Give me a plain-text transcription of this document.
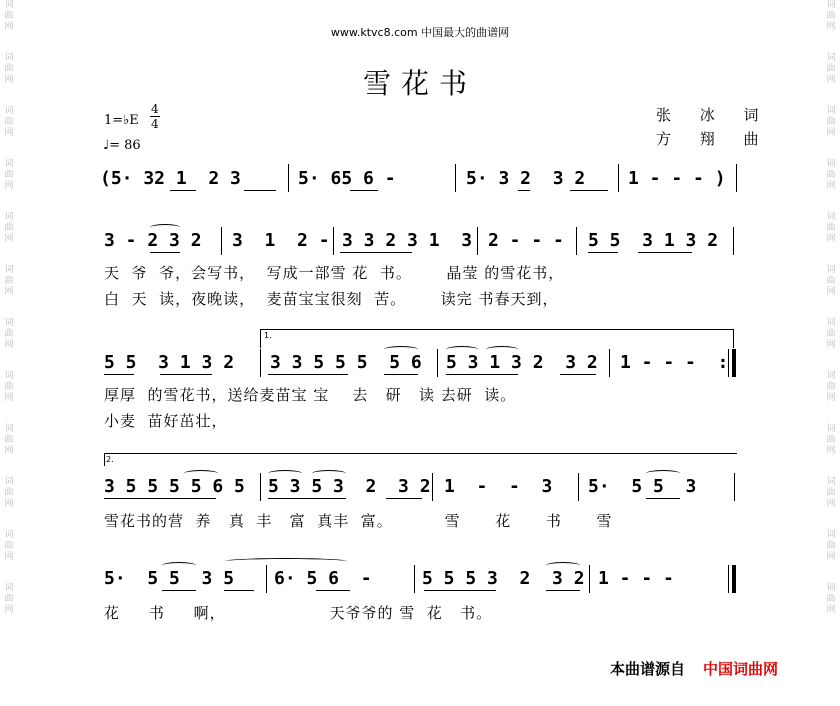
词
曲
网
词
曲
网
词
曲
网
词
曲
网
词
曲
网
词
曲
网
词
曲
网
词
曲
网
词
曲
网
词
曲
网
词
曲
网
词
曲
网
词
曲
网
词
曲
网
词
曲
网
词
曲
网
词
曲
网
词
曲
网
词
曲
网
词
曲
网
词
曲
网
词
曲
网
词
曲
网
词
曲
网
www.ktvc8.com 中国最大的曲谱网
雪花书
张 冰 词
方 翔 曲
1=♭E
4
4
♩= 86
(5· 32 1  2 3	5· 65 6 -	5· 3 2  3 2 1 - - - )
3 - 2 3 2 3  1  2 - 3 3 2 3 1  3 2 - - - 5 5  3 1 3 2
天  爷  爷，会写书，  写成一部雪 花  书。      晶莹 的雪花书，
白  天  读，夜晚读，  麦苗宝宝很刻  苦。      读完 书春天到，
1.
5 5  3 1 3 2 3 3 5 5 5  5 6 5 3 1 3 2  3 2 1 - - -  :
厚厚  的雪花书，送给麦苗宝 宝    去   研   读 去研  读。
小麦  苗好茁壮，
2.
3 5 5 5 5 6 5 5 3 5 3  2  3 2 1  -  -  3 5·  5 5  3
雪花书的营  养   真  丰   富  真丰  富。         雪      花      书      雪
5·  5 5  3 5 6· 5 6  -	5 5 5 3  2  3 2 1 - - -
花     书     啊，                  天爷爷的 雪  花   书。
本曲谱源自 中国词曲网
